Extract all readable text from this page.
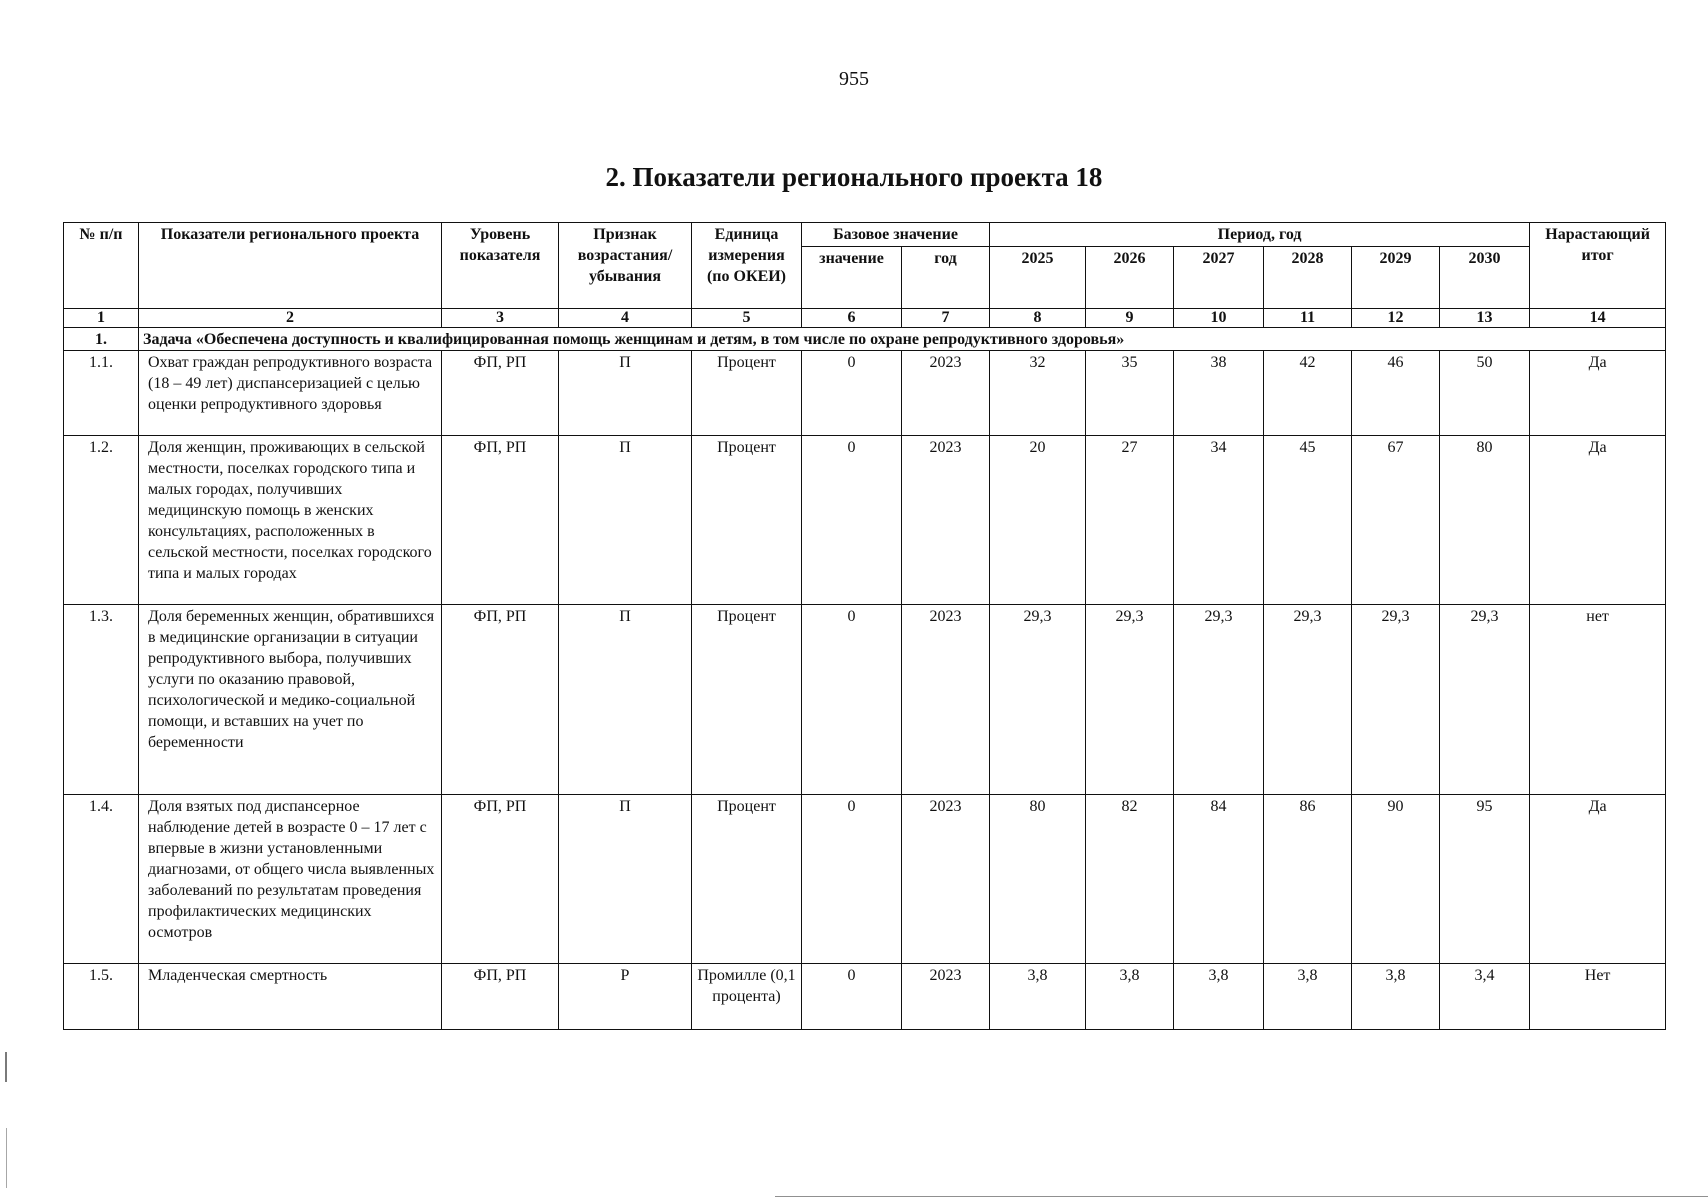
955
2. Показатели регионального проекта 18
№ п/п	Показатели регионального проекта	Уровень показателя	Признак возрастания/ убывания	Единица измерения (по ОКЕИ)	Базовое значение		Период, год						Нарастающий итог
					значение	год	2025	2026	2027	2028	2029	2030	
1	2	3	4	5	6	7	8	9	10	11	12	13	14
1.	Задача «Обеспечена доступность и квалифицированная помощь женщинам и детям, в том числе по охране репродуктивного здоровья»												
1.1.	Охват граждан репродуктивного возраста (18 – 49 лет) диспансеризацией с целью оценки репродуктивного здоровья	ФП, РП	П	Процент	0	2023	32	35	38	42	46	50	Да
1.2.	Доля женщин, проживающих в сельской местности, поселках городского типа и малых городах, получивших медицинскую помощь в женских консультациях, расположенных в сельской местности, поселках городского типа и малых городах	ФП, РП	П	Процент	0	2023	20	27	34	45	67	80	Да
1.3.	Доля беременных женщин, обратившихся в медицинские организации в ситуации репродуктивного выбора, получивших услуги по оказанию правовой, психологической и медико-социальной помощи, и вставших на учет по беременности	ФП, РП	П	Процент	0	2023	29,3	29,3	29,3	29,3	29,3	29,3	нет
1.4.	Доля взятых под диспансерное наблюдение детей в возрасте 0 – 17 лет с впервые в жизни установленными диагнозами, от общего числа выявленных заболеваний по результатам проведения профилактических медицинских осмотров	ФП, РП	П	Процент	0	2023	80	82	84	86	90	95	Да
1.5.	Младенческая смертность	ФП, РП	Р	Промилле (0,1 процента)	0	2023	3,8	3,8	3,8	3,8	3,8	3,4	Нет
